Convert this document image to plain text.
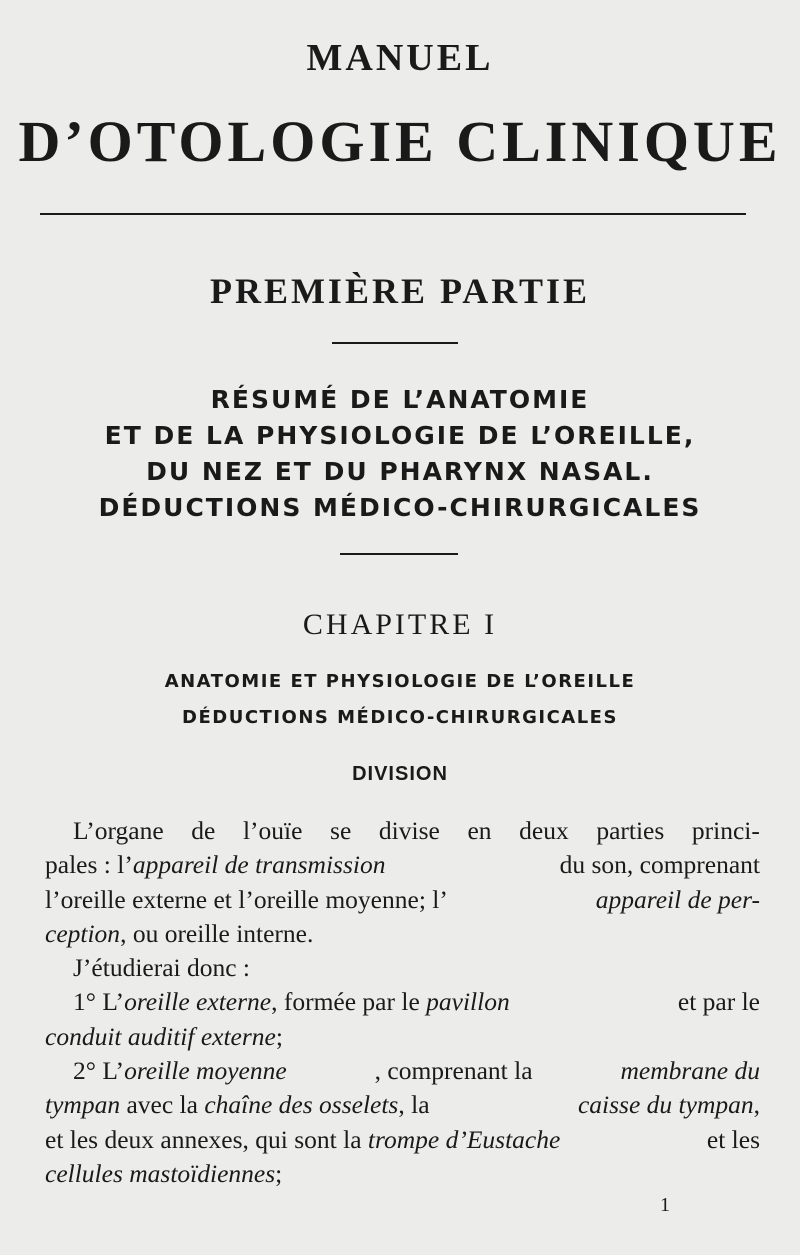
MANUEL
D’OTOLOGIE CLINIQUE
PREMIÈRE PARTIE
RÉSUMÉ DE L’ANATOMIE
ET DE LA PHYSIOLOGIE DE L’OREILLE,
DU NEZ ET DU PHARYNX NASAL.
DÉDUCTIONS MÉDICO-CHIRURGICALES
CHAPITRE I
ANATOMIE ET PHYSIOLOGIE DE L’OREILLE
DÉDUCTIONS MÉDICO-CHIRURGICALES
DIVISION
L’organe de l’ouïe se divise en deux parties princi-
pales : l’appareil de transmission	du son, comprenant
l’oreille externe et l’oreille moyenne; l’	appareil de per-
ception , ou oreille interne.
J’étudierai donc :
1° L’oreille externe, formée par le pavillon	et par le
conduit auditif externe ;
2° L’oreille moyenne	, comprenant la	membrane du
tympan avec la chaîne des osselets, la	caisse du tympan,
et les deux annexes, qui sont la trompe d’Eustache	et les
cellules mastoïdiennes ;
1
